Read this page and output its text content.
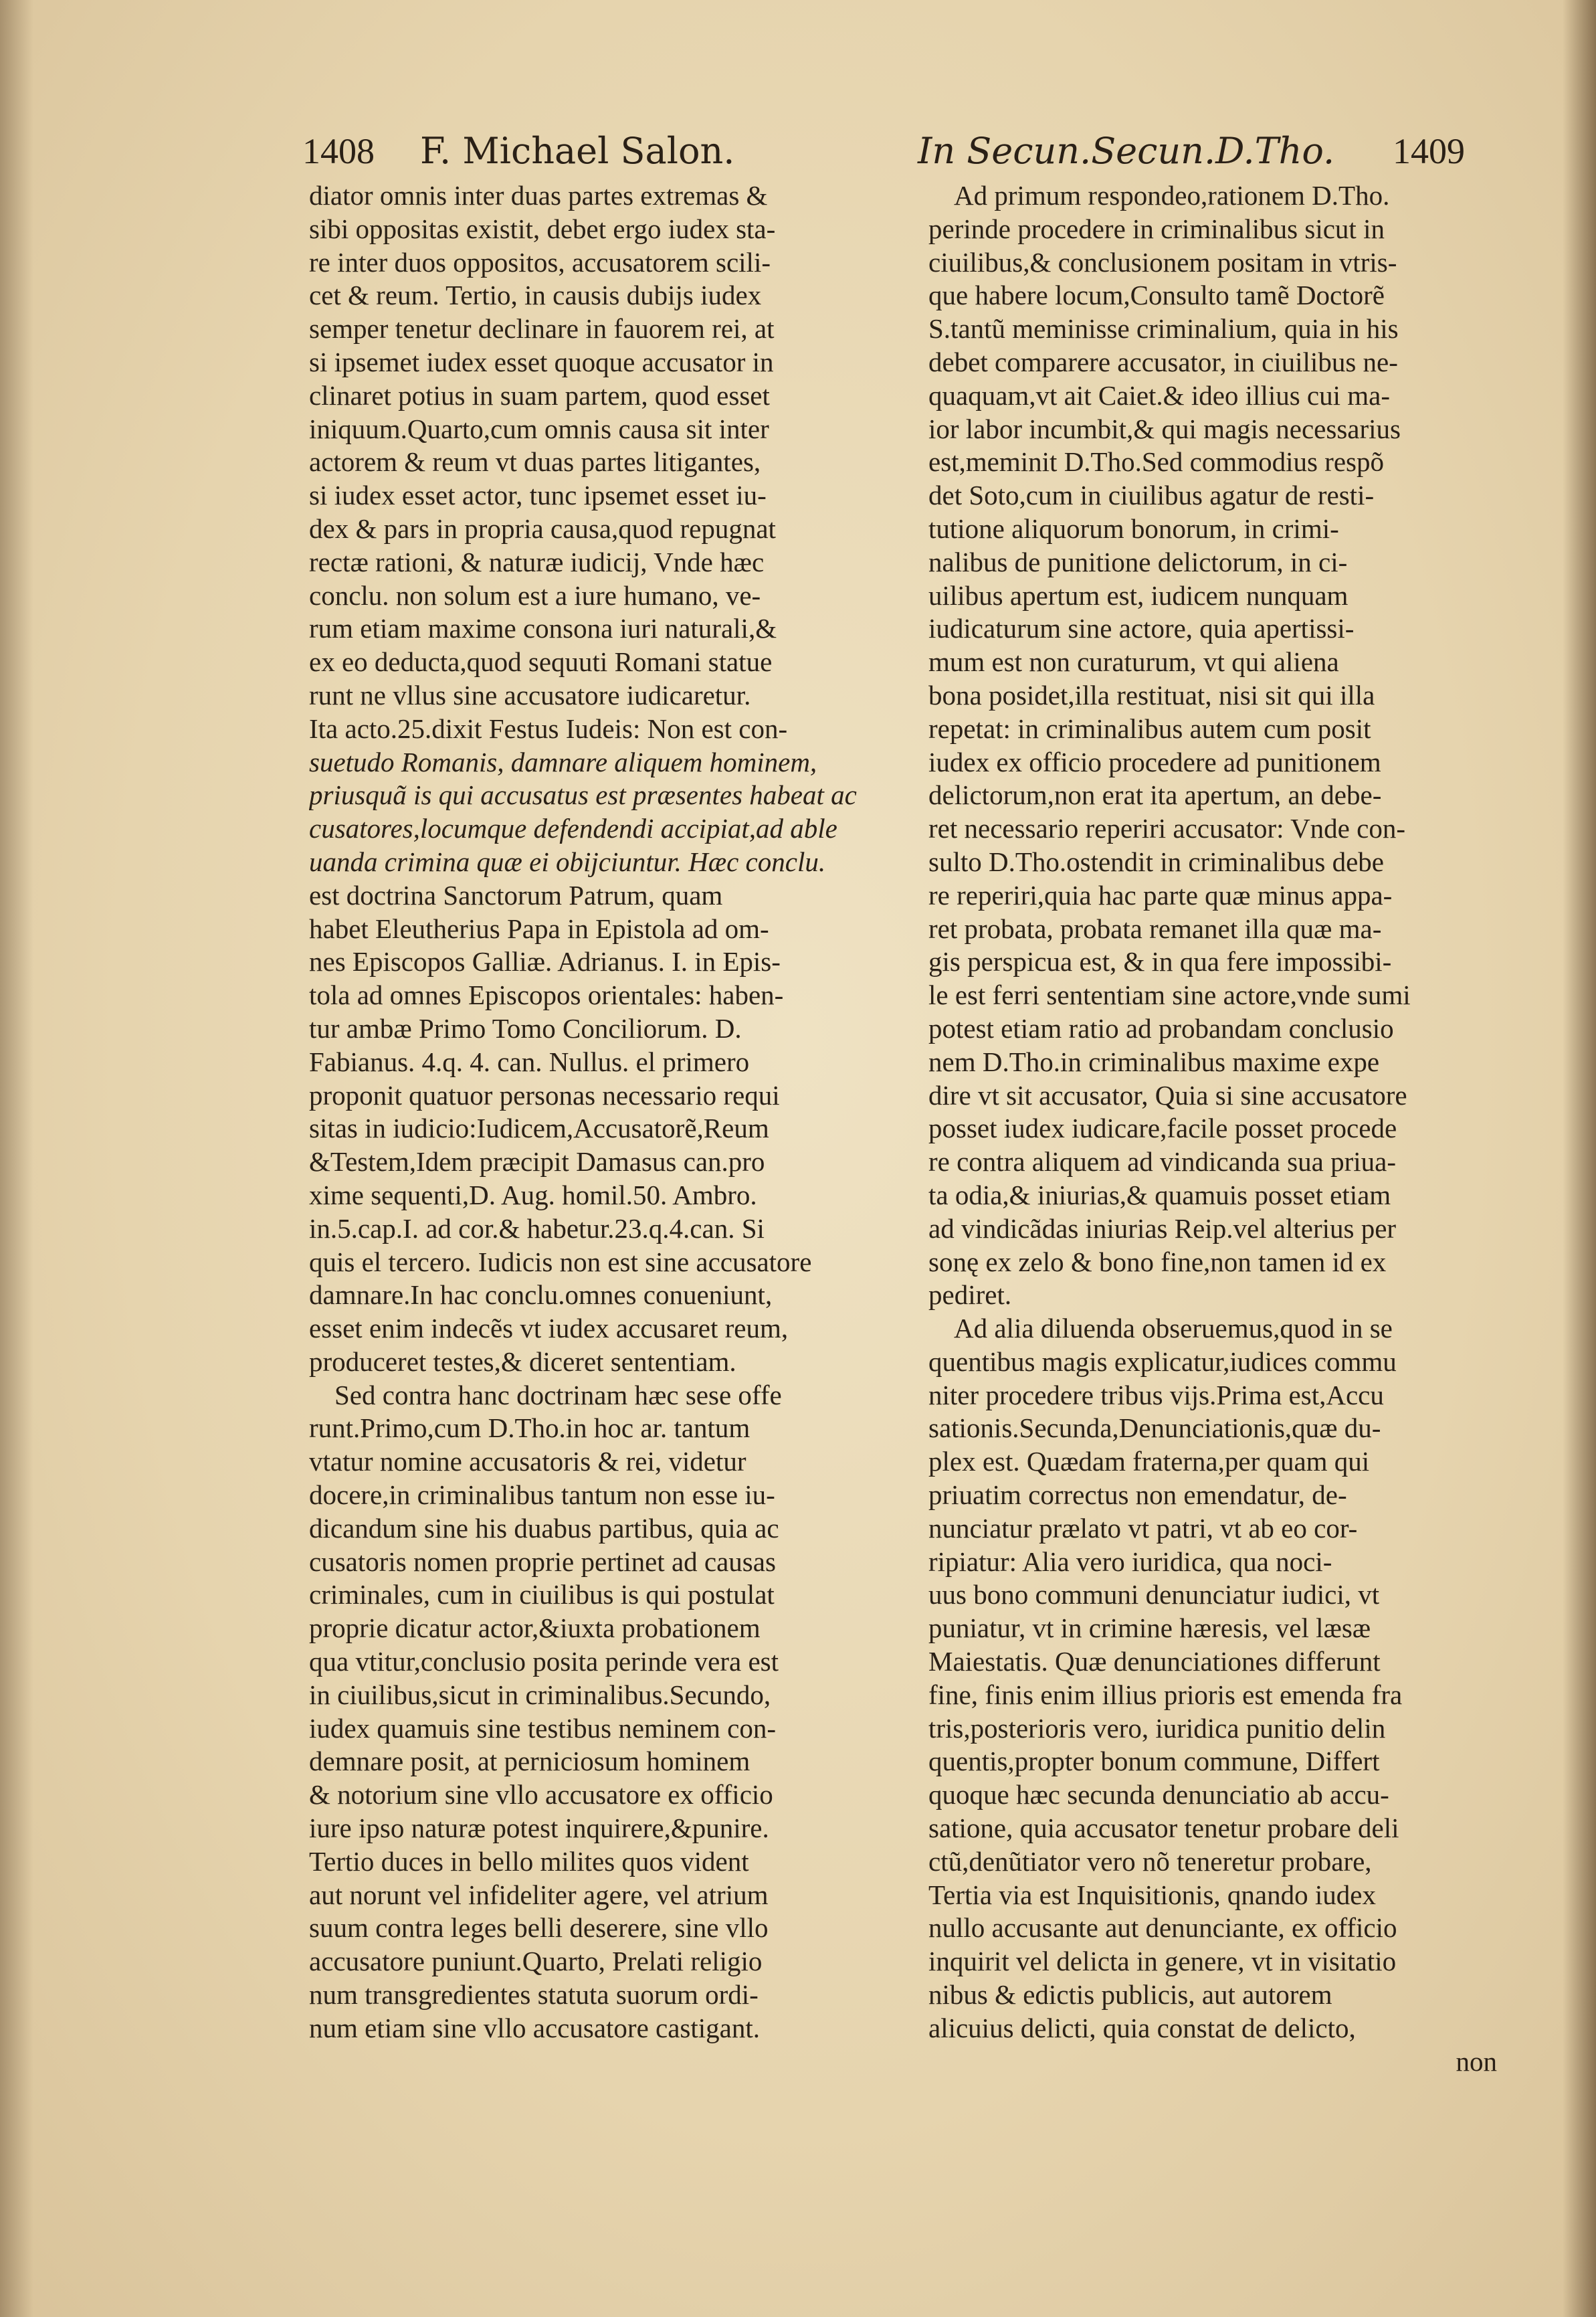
1408 F. Michael Salon.	In Secun.Secun.D.Tho. 1409
diator omnis inter duas partes extremas &
sibi oppositas existit, debet ergo iudex sta-
re inter duos oppositos, accusatorem scili-
cet & reum. Tertio, in causis dubijs iudex
semper tenetur declinare in fauorem rei, at
si ipsemet iudex esset quoque accusator in
clinaret potius in suam partem, quod esset
iniquum.Quarto,cum omnis causa sit inter
actorem & reum vt duas partes litigantes,
si iudex esset actor, tunc ipsemet esset iu-
dex & pars in propria causa,quod repugnat
rectæ rationi, & naturæ iudicij, Vnde hæc
conclu. non solum est a iure humano, ve-
rum etiam maxime consona iuri naturali,&
ex eo deducta,quod sequuti Romani statue
runt ne vllus sine accusatore iudicaretur.
Ita acto.25.dixit Festus Iudeis: Non est con-
suetudo Romanis, damnare aliquem hominem,
priusquã is qui accusatus est præsentes habeat ac
cusatores,locumque defendendi accipiat,ad able
uanda crimina quæ ei obijciuntur. Hæc conclu.
est doctrina Sanctorum Patrum, quam
habet Eleutherius Papa in Epistola ad om-
nes Episcopos Galliæ. Adrianus. I. in Epis-
tola ad omnes Episcopos orientales: haben-
tur ambæ Primo Tomo Conciliorum. D.
Fabianus. 4.q. 4. can. Nullus. el primero
proponit quatuor personas necessario requi
sitas in iudicio:Iudicem,Accusatorẽ,Reum
&Testem,Idem præcipit Damasus can.pro
xime sequenti,D. Aug. homil.50. Ambro.
in.5.cap.I. ad cor.& habetur.23.q.4.can. Si
quis el tercero. Iudicis non est sine accusatore
damnare.In hac conclu.omnes conueniunt,
esset enim indecẽs vt iudex accusaret reum,
produceret testes,& diceret sententiam.
Sed contra hanc doctrinam hæc sese offe
runt.Primo,cum D.Tho.in hoc ar. tantum
vtatur nomine accusatoris & rei, videtur
docere,in criminalibus tantum non esse iu-
dicandum sine his duabus partibus, quia ac
cusatoris nomen proprie pertinet ad causas
criminales, cum in ciuilibus is qui postulat
proprie dicatur actor,&iuxta probationem
qua vtitur,conclusio posita perinde vera est
in ciuilibus,sicut in criminalibus.Secundo,
iudex quamuis sine testibus neminem con-
demnare posit, at perniciosum hominem
& notorium sine vllo accusatore ex officio
iure ipso naturæ potest inquirere,&punire.
Tertio duces in bello milites quos vident
aut norunt vel infideliter agere, vel atrium
suum contra leges belli deserere, sine vllo
accusatore puniunt.Quarto, Prelati religio
num transgredientes statuta suorum ordi-
num etiam sine vllo accusatore castigant.
Ad primum respondeo,rationem D.Tho.
perinde procedere in criminalibus sicut in
ciuilibus,& conclusionem positam in vtris-
que habere locum,Consulto tamẽ Doctorẽ
S.tantũ meminisse criminalium, quia in his
debet comparere accusator, in ciuilibus ne-
quaquam,vt ait Caiet.& ideo illius cui ma-
ior labor incumbit,& qui magis necessarius
est,meminit D.Tho.Sed commodius respõ
det Soto,cum in ciuilibus agatur de resti-
tutione aliquorum bonorum, in crimi-
nalibus de punitione delictorum, in ci-
uilibus apertum est, iudicem nunquam
iudicaturum sine actore, quia apertissi-
mum est non curaturum, vt qui aliena
bona posidet,illa restituat, nisi sit qui illa
repetat: in criminalibus autem cum posit
iudex ex officio procedere ad punitionem
delictorum,non erat ita apertum, an debe-
ret necessario reperiri accusator: Vnde con-
sulto D.Tho.ostendit in criminalibus debe
re reperiri,quia hac parte quæ minus appa-
ret probata, probata remanet illa quæ ma-
gis perspicua est, & in qua fere impossibi-
le est ferri sententiam sine actore,vnde sumi
potest etiam ratio ad probandam conclusio
nem D.Tho.in criminalibus maxime expe
dire vt sit accusator, Quia si sine accusatore
posset iudex iudicare,facile posset procede
re contra aliquem ad vindicanda sua priua-
ta odia,& iniurias,& quamuis posset etiam
ad vindicãdas iniurias Reip.vel alterius per
sonę ex zelo & bono fine,non tamen id ex
pediret.
Ad alia diluenda obseruemus,quod in se
quentibus magis explicatur,iudices commu
niter procedere tribus vijs.Prima est,Accu
sationis.Secunda,Denunciationis,quæ du-
plex est. Quædam fraterna,per quam qui
priuatim correctus non emendatur, de-
nunciatur prælato vt patri, vt ab eo cor-
ripiatur: Alia vero iuridica, qua noci-
uus bono communi denunciatur iudici, vt
puniatur, vt in crimine hæresis, vel læsæ
Maiestatis. Quæ denunciationes differunt
fine, finis enim illius prioris est emenda fra
tris,posterioris vero, iuridica punitio delin
quentis,propter bonum commune, Differt
quoque hæc secunda denunciatio ab accu-
satione, quia accusator tenetur probare deli
ctũ,denũtiator vero nõ teneretur probare,
Tertia via est Inquisitionis, qnando iudex
nullo accusante aut denunciante, ex officio
inquirit vel delicta in genere, vt in visitatio
nibus & edictis publicis, aut autorem
alicuius delicti, quia constat de delicto,
non
